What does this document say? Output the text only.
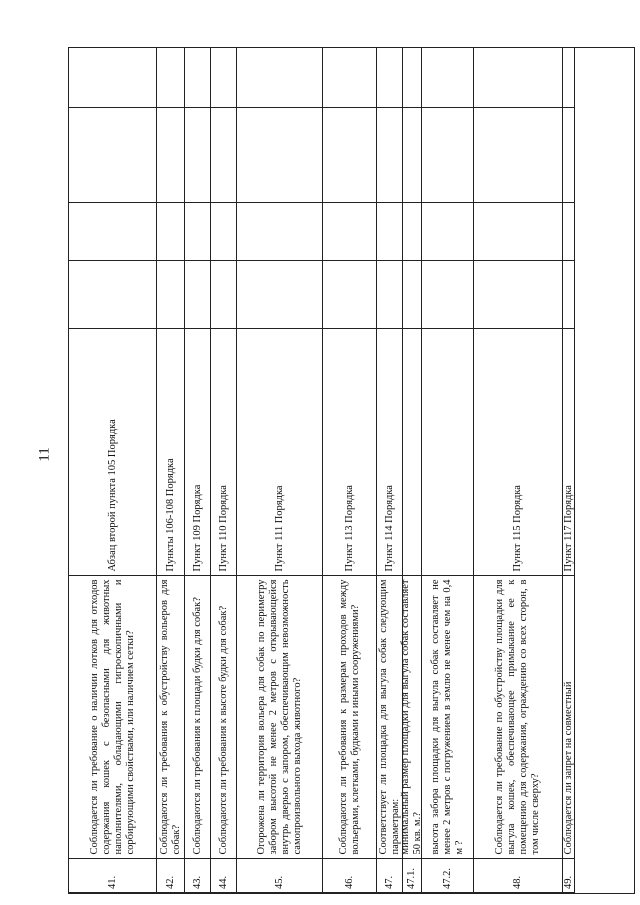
11	Абзац второй пункта 105 Порядка
Соблюдается ли требование о наличии лотков для отходов содержания кошек с безопасными для животных наполнителями, обладающими гигроскопичными и сорбирующими свойствами, или наличием сетки?
41.
Пункты 106-108 Порядка
Соблюдаются ли требования к обустройству вольеров для собак?
42.
Пункт 109 Порядка
Соблюдаются ли требования к площади будки для собак?
43.
Пункт 110 Порядка
Соблюдаются ли требования к высоте будки для собак?
44.
Пункт 111 Порядка
Огорожена ли территория вольера для собак по периметру забором высотой не менее 2 метров с открывающейся внутрь дверью с запором, обеспечивающим невозможность самопроизвольного выхода животного?
45.
Пункт 113 Порядка
Соблюдаются ли требования к размерам проходов между вольерами, клетками, будками и иными сооружениями?
46.
Пункт 114 Порядка
Соответствует ли площадка для выгула собак следующим параметрам:
47.
минимальный размер площадки для выгула собак составляет 50 кв. м.?
47.1.
высота забора площадки для выгула собак составляет не менее 2 метров с погружением в землю не менее чем на 0,4 м ?
47.2.
Пункт 115 Порядка
Соблюдается ли требование по обустройству площадки для выгула кошек, обеспечивающее примыкание ее к помещению для содержания, ограждению со всех сторон, в том числе сверху?
48.
Пункт 117 Порядка
Соблюдается ли запрет на совместный
49.
